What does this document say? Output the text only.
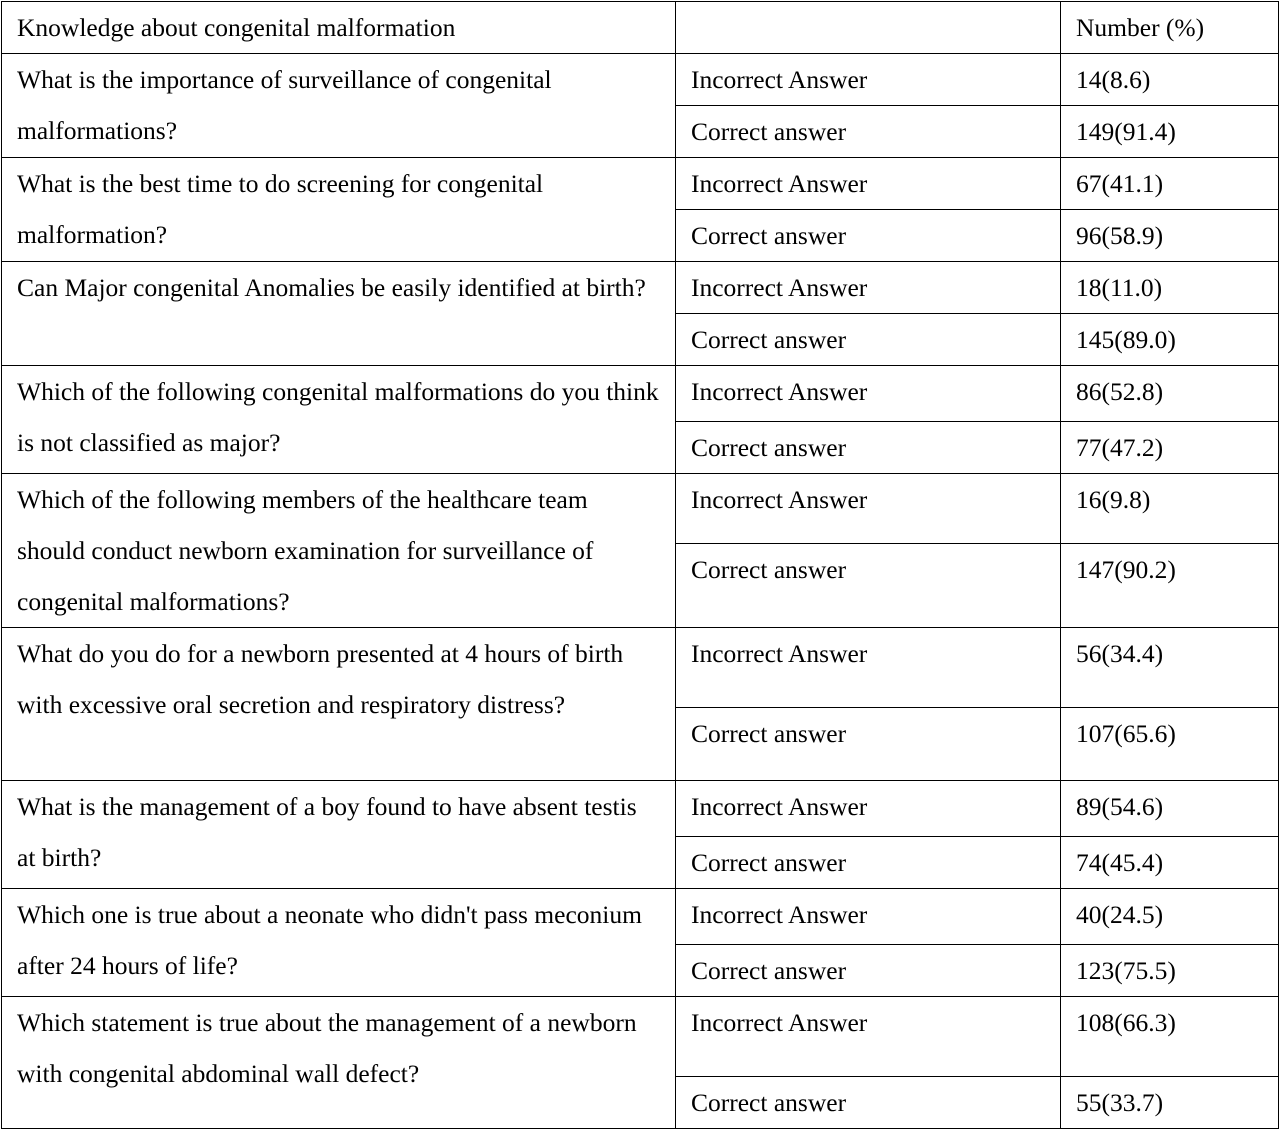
Knowledge about congenital malformation		Number (%)
What is the importance of surveillance of congenital malformations?	Incorrect Answer	14(8.6)
	Correct answer	149(91.4)
What is the best time to do screening for congenital malformation?	Incorrect Answer	67(41.1)
	Correct answer	96(58.9)
Can Major congenital Anomalies be easily identified at birth?	Incorrect Answer	18(11.0)
	Correct answer	145(89.0)
Which of the following congenital malformations do you think is not classified as major?	Incorrect Answer	86(52.8)
	Correct answer	77(47.2)
Which of the following members of the healthcare team should conduct newborn examination for surveillance of congenital malformations?	Incorrect Answer	16(9.8)
	Correct answer	147(90.2)
What do you do for a newborn presented at 4 hours of birth with excessive oral secretion and respiratory distress?	Incorrect Answer	56(34.4)
	Correct answer	107(65.6)
What is the management of a boy found to have absent testis at birth?	Incorrect Answer	89(54.6)
	Correct answer	74(45.4)
Which one is true about a neonate who didn't pass meconium after 24 hours of life?	Incorrect Answer	40(24.5)
	Correct answer	123(75.5)
Which statement is true about the management of a newborn with congenital abdominal wall defect?	Incorrect Answer	108(66.3)
	Correct answer	55(33.7)
